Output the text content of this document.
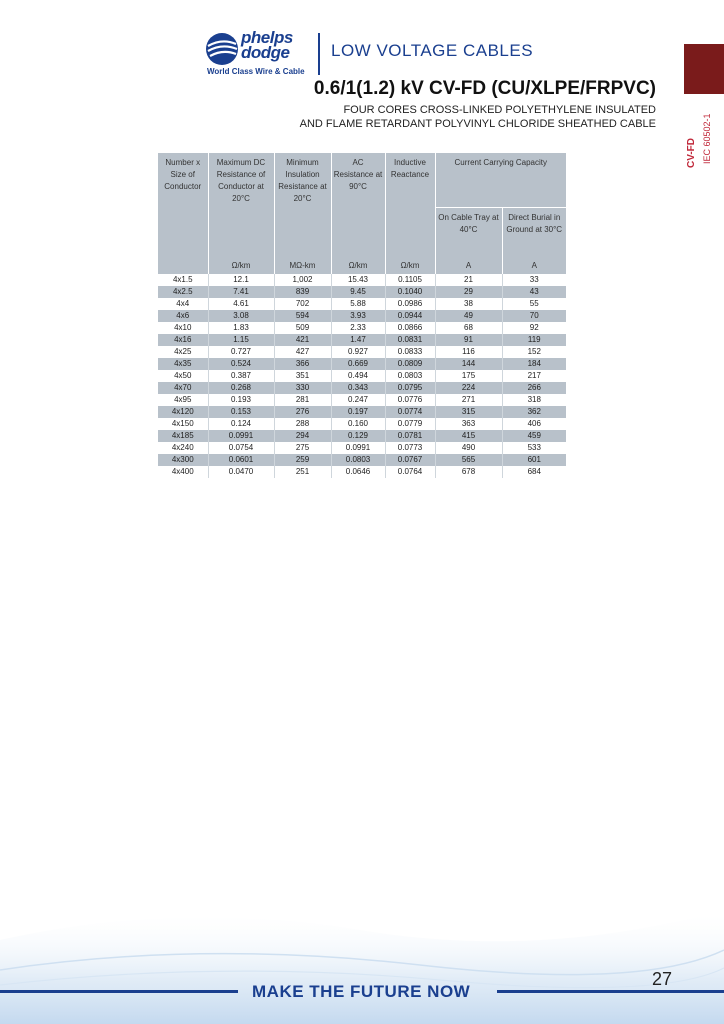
phelps dodge
World Class Wire & Cable
LOW VOLTAGE CABLES
0.6/1(1.2) kV CV-FD (CU/XLPE/FRPVC)
FOUR CORES CROSS-LINKED POLYETHYLENE INSULATED
AND FLAME RETARDANT POLYVINYL CHLORIDE SHEATHED CABLE
CV-FD IEC 60502-1
Number x Size of Conductor	Maximum DC Resistance of Conductor at 20°C	Minimum Insulation Resistance at 20°C	AC Resistance at 90°C	Inductive Reactance	Current Carrying Capacity	
					On Cable Tray at 40°C	Direct Burial in Ground at 30°C
	Ω/km	MΩ-km	Ω/km	Ω/km	A	A
4x1.5	12.1	1,002	15.43	0.1105	21	33
4x2.5	7.41	839	9.45	0.1040	29	43
4x4	4.61	702	5.88	0.0986	38	55
4x6	3.08	594	3.93	0.0944	49	70
4x10	1.83	509	2.33	0.0866	68	92
4x16	1.15	421	1.47	0.0831	91	119
4x25	0.727	427	0.927	0.0833	116	152
4x35	0.524	366	0.669	0.0809	144	184
4x50	0.387	351	0.494	0.0803	175	217
4x70	0.268	330	0.343	0.0795	224	266
4x95	0.193	281	0.247	0.0776	271	318
4x120	0.153	276	0.197	0.0774	315	362
4x150	0.124	288	0.160	0.0779	363	406
4x185	0.0991	294	0.129	0.0781	415	459
4x240	0.0754	275	0.0991	0.0773	490	533
4x300	0.0601	259	0.0803	0.0767	565	601
4x400	0.0470	251	0.0646	0.0764	678	684
27
MAKE THE FUTURE NOW
